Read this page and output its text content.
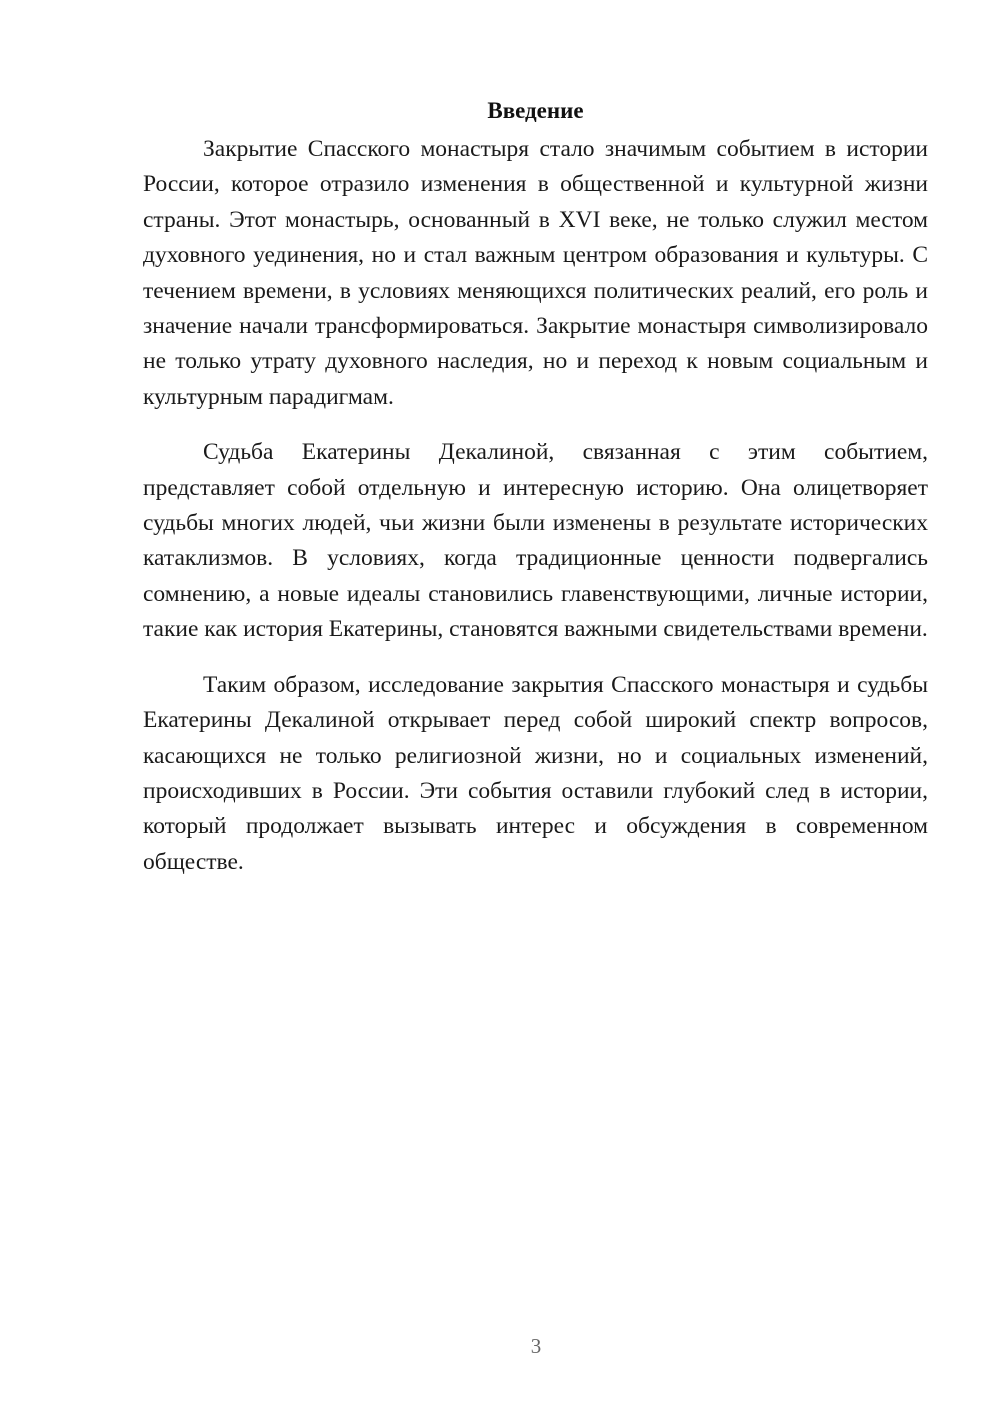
Введение

Закрытие Спасского монастыря стало значимым событием в истории России, которое отразило изменения в общественной и культурной жизни страны. Этот монастырь, основанный в XVI веке, не только служил местом духовного уединения, но и стал важным центром образования и культуры. С течением времени, в условиях меняющихся политических реалий, его роль и значение начали трансформироваться. Закрытие монастыря символизировало не только утрату духовного наследия, но и переход к новым социальным и культурным парадигмам.

Судьба Екатерины Декалиной, связанная с этим событием, представляет собой отдельную и интересную историю. Она олицетворяет судьбы многих людей, чьи жизни были изменены в результате исторических катаклизмов. В условиях, когда традиционные ценности подвергались сомнению, а новые идеалы становились главенствующими, личные истории, такие как история Екатерины, становятся важными свидетельствами времени.

Таким образом, исследование закрытия Спасского монастыря и судьбы Екатерины Декалиной открывает перед собой широкий спектр вопросов, касающихся не только религиозной жизни, но и социальных изменений, происходивших в России. Эти события оставили глубокий след в истории, который продолжает вызывать интерес и обсуждения в современном обществе.

3
